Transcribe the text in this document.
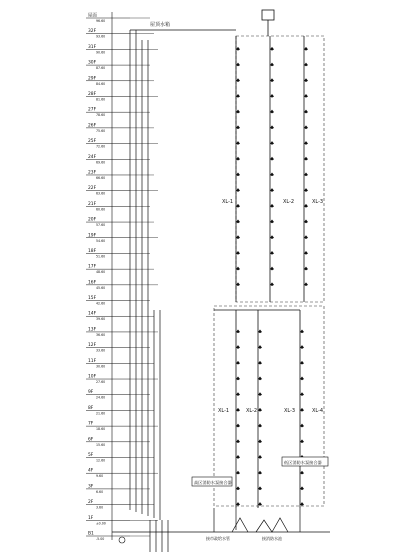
屋面
96.60
32F
93.60
31F
90.60
30F
87.60
29F
84.60
28F
81.60
27F
78.60
26F
75.60
25F
72.60
24F
69.60
23F
66.60
22F
63.60
21F
60.60
20F
57.60
19F
54.60
18F
51.60
17F
48.60
16F
45.60
15F
42.60
14F
39.60
13F
36.60
12F
33.60
11F
30.60
10F
27.60
9F
24.60
8F
21.60
7F
18.60
6F
15.60
5F
12.60
4F
9.60
3F
6.60
2F
3.60
1F
±0.00
B1
-5.00
屋顶水箱
XL-1	XL-2	XL-3
XL-1	XL-2	XL-3	XL-4
高区消防水泵接合器
低区消防水泵接合器
接市政给水管	接消防水池
